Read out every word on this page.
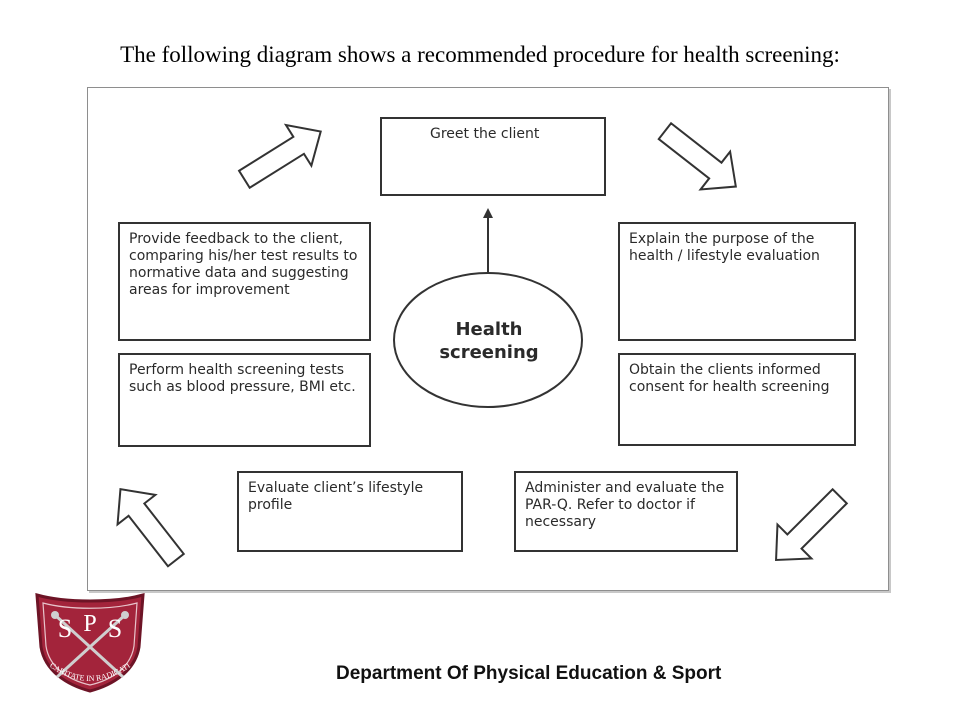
The following diagram shows a recommended procedure for health screening:
Health
screening
Greet the client
Explain the purpose of the health / lifestyle evaluation
Obtain the clients informed consent for health screening
Administer and evaluate the PAR-Q. Refer to doctor if necessary
Evaluate client’s lifestyle profile
Perform health screening tests such as blood pressure, BMI etc.
Provide feedback to the client, comparing his/her test results to normative data and suggesting areas for improvement
S P S
CARITATE IN RADICATI	Department Of Physical Education & Sport
